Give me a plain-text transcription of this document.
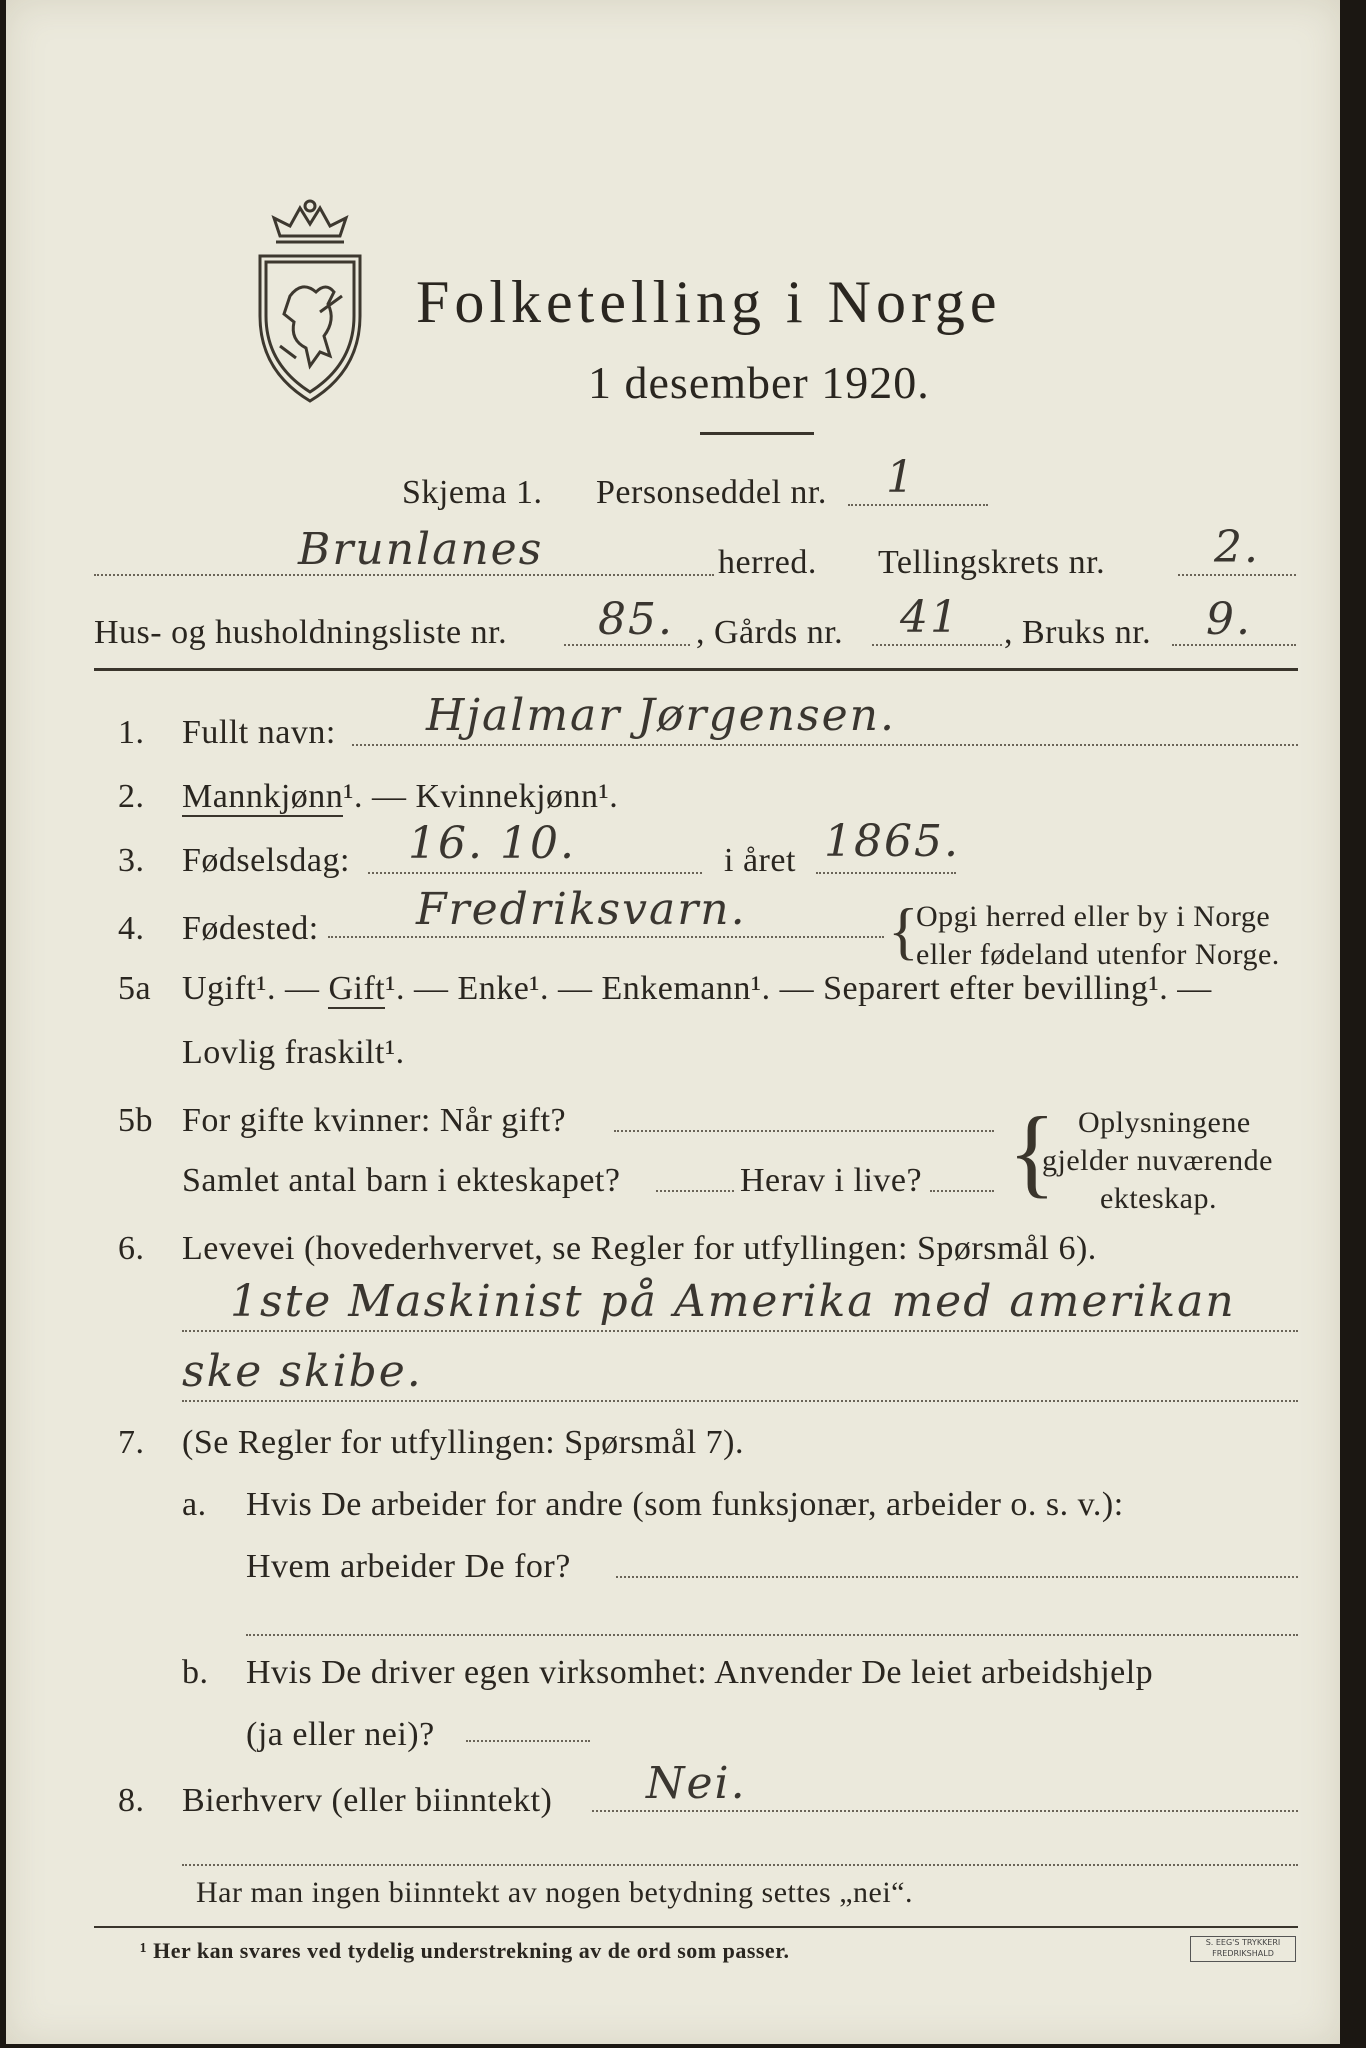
Folketelling i Norge
1 desember 1920.
Skjema 1. Personseddel nr. 1
Brunlanes	herred. Tellingskrets nr. 2.
Hus- og husholdningsliste nr. 85. , Gårds nr. 41 , Bruks nr. 9.
1. Fullt navn: Hjalmar Jørgensen.
2. Mannkjønn¹. — Kvinnekjønn¹.
3. Fødselsdag: 16. 10.	i året 1865.
4. Fødested: Fredriksvarn. {
Opgi herred eller by i Norge
eller fødeland utenfor Norge.
5a Ugift¹. — Gift¹. — Enke¹. — Enkemann¹. — Separert efter bevilling¹. —
Lovlig fraskilt¹.
5b For gifte kvinner: Når gift?
Samlet antal barn i ekteskapet?	Herav i live? { Oplysningene
gjelder nuværende
ekteskap.
6. Levevei (hovederhvervet, se Regler for utfyllingen: Spørsmål 6).
1ste Maskinist på Amerika med amerikan
ske skibe.
7. (Se Regler for utfyllingen: Spørsmål 7).
a. Hvis De arbeider for andre (som funksjonær, arbeider o. s. v.):
Hvem arbeider De for?
b. Hvis De driver egen virksomhet: Anvender De leiet arbeidshjelp
(ja eller nei)?
8. Bierhverv (eller biinntekt) Nei.
Har man ingen biinntekt av nogen betydning settes „nei“.
¹ Her kan svares ved tydelig understrekning av de ord som passer.	S. EEG'S TRYKKERI
FREDRIKSHALD
